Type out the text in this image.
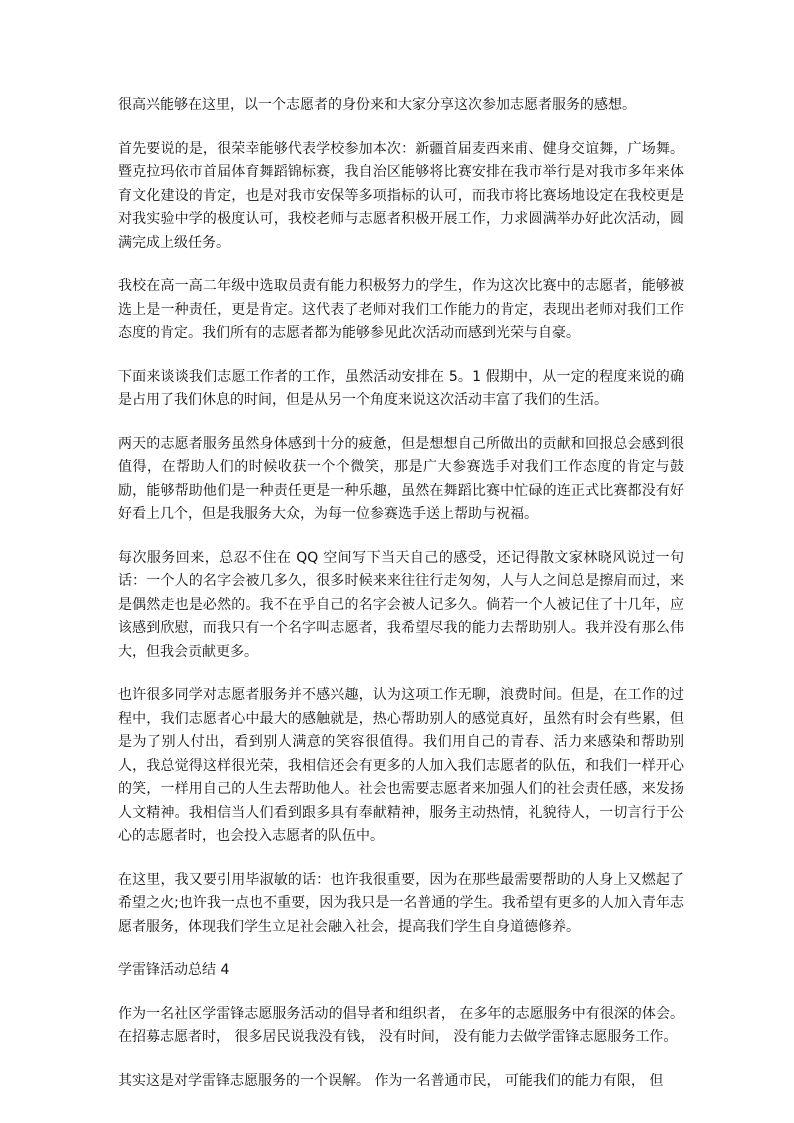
很高兴能够在这里，以一个志愿者的身份来和大家分享这次参加志愿者服务的感想。

首先要说的是，很荣幸能够代表学校参加本次：新疆首届麦西来甫、健身交谊舞，广场舞。暨克拉玛依市首届体育舞蹈锦标赛，我自治区能够将比赛安排在我市举行是对我市多年来体育文化建设的肯定，也是对我市安保等多项指标的认可，而我市将比赛场地设定在我校更是对我实验中学的极度认可，我校老师与志愿者积极开展工作，力求圆满举办好此次活动，圆满完成上级任务。

我校在高一高二年级中选取员责有能力积极努力的学生，作为这次比赛中的志愿者，能够被选上是一种责任，更是肯定。这代表了老师对我们工作能力的肯定，表现出老师对我们工作态度的肯定。我们所有的志愿者都为能够参见此次活动而感到光荣与自豪。

下面来谈谈我们志愿工作者的工作，虽然活动安排在 5。1 假期中，从一定的程度来说的确是占用了我们休息的时间，但是从另一个角度来说这次活动丰富了我们的生活。

两天的志愿者服务虽然身体感到十分的疲惫，但是想想自己所做出的贡献和回报总会感到很值得，在帮助人们的时候收获一个个微笑，那是广大参赛选手对我们工作态度的肯定与鼓励，能够帮助他们是一种责任更是一种乐趣，虽然在舞蹈比赛中忙碌的连正式比赛都没有好好看上几个，但是我服务大众，为每一位参赛选手送上帮助与祝福。

每次服务回来，总忍不住在 QQ 空间写下当天自己的感受，还记得散文家林晓风说过一句话：一个人的名字会被几多久，很多时候来来往往行走匆匆，人与人之间总是擦肩而过，来是偶然走也是必然的。我不在乎自己的名字会被人记多久。倘若一个人被记住了十几年，应该感到欣慰，而我只有一个名字叫志愿者，我希望尽我的能力去帮助别人。我并没有那么伟大，但我会贡献更多。

也许很多同学对志愿者服务并不感兴趣，认为这项工作无聊，浪费时间。但是，在工作的过程中，我们志愿者心中最大的感触就是，热心帮助别人的感觉真好，虽然有时会有些累，但是为了别人付出，看到别人满意的笑容很值得。我们用自己的青春、活力来感染和帮助别人，我总觉得这样很光荣，我相信还会有更多的人加入我们志愿者的队伍，和我们一样开心的笑，一样用自己的人生去帮助他人。社会也需要志愿者来加强人们的社会责任感，来发扬人文精神。我相信当人们看到跟多具有奉献精神，服务主动热情，礼貌待人，一切言行于公心的志愿者时，也会投入志愿者的队伍中。

在这里，我又要引用毕淑敏的话：也许我很重要，因为在那些最需要帮助的人身上又燃起了希望之火;也许我一点也不重要，因为我只是一名普通的学生。我希望有更多的人加入青年志愿者服务，体现我们学生立足社会融入社会，提高我们学生自身道德修养。

学雷锋活动总结 4

作为一名社区学雷锋志愿服务活动的倡导者和组织者， 在多年的志愿服务中有很深的体会。在招募志愿者时， 很多居民说我没有钱， 没有时间， 没有能力去做学雷锋志愿服务工作。

其实这是对学雷锋志愿服务的一个误解。 作为一名普通市民， 可能我们的能力有限， 但
